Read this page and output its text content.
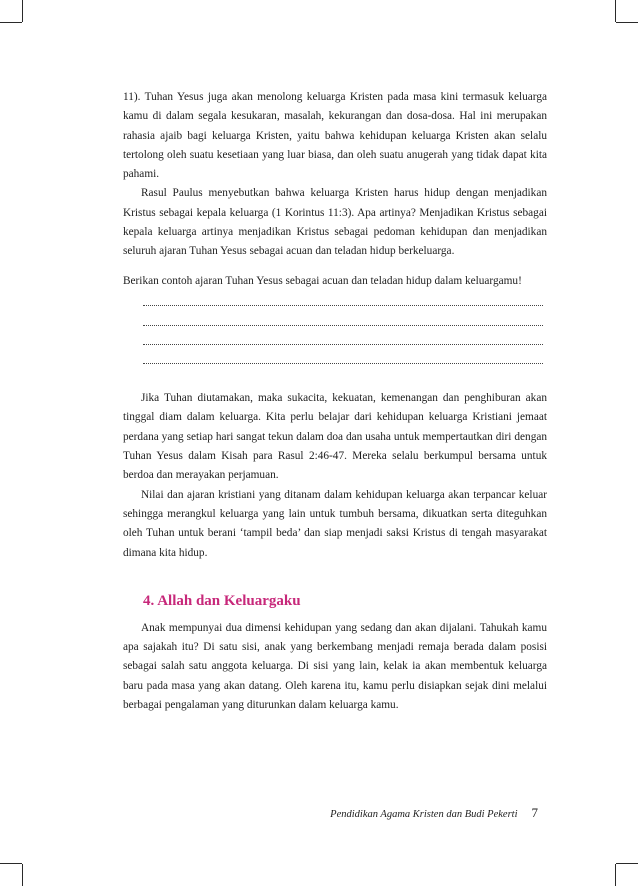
11). Tuhan Yesus juga akan menolong keluarga Kristen pada masa kini termasuk keluarga kamu di dalam segala kesukaran, masalah, kekurangan dan dosa-dosa. Hal ini merupakan rahasia ajaib bagi keluarga Kristen, yaitu bahwa kehidupan keluarga Kristen akan selalu tertolong oleh suatu kesetiaan yang luar biasa, dan oleh suatu anugerah yang tidak dapat kita pahami.

Rasul Paulus menyebutkan bahwa keluarga Kristen harus hidup dengan menjadikan Kristus sebagai kepala keluarga (1 Korintus 11:3). Apa artinya? Menjadikan Kristus sebagai kepala keluarga artinya menjadikan Kristus sebagai pedoman kehidupan dan menjadikan seluruh ajaran Tuhan Yesus sebagai acuan dan teladan hidup berkeluarga.

Berikan contoh ajaran Tuhan Yesus sebagai acuan dan teladan hidup dalam keluargamu!

Jika Tuhan diutamakan, maka sukacita, kekuatan, kemenangan dan penghiburan akan tinggal diam dalam keluarga. Kita perlu belajar dari kehidupan keluarga Kristiani jemaat perdana yang setiap hari sangat tekun dalam doa dan usaha untuk mempertautkan diri dengan Tuhan Yesus dalam Kisah para Rasul 2:46-47. Mereka selalu berkumpul bersama untuk berdoa dan merayakan perjamuan.

Nilai dan ajaran kristiani yang ditanam dalam kehidupan keluarga akan terpancar keluar sehingga merangkul keluarga yang lain untuk tumbuh bersama, dikuatkan serta diteguhkan oleh Tuhan untuk berani ‘tampil beda’ dan siap menjadi saksi Kristus di tengah masyarakat dimana kita hidup.

4. Allah dan Keluargaku

Anak mempunyai dua dimensi kehidupan yang sedang dan akan dijalani. Tahukah kamu apa sajakah itu? Di satu sisi, anak yang berkembang menjadi remaja berada dalam posisi sebagai salah satu anggota keluarga. Di sisi yang lain, kelak ia akan membentuk keluarga baru pada masa yang akan datang. Oleh karena itu, kamu perlu disiapkan sejak dini melalui berbagai pengalaman yang diturunkan dalam keluarga kamu.

Pendidikan Agama Kristen dan Budi Pekerti 7
